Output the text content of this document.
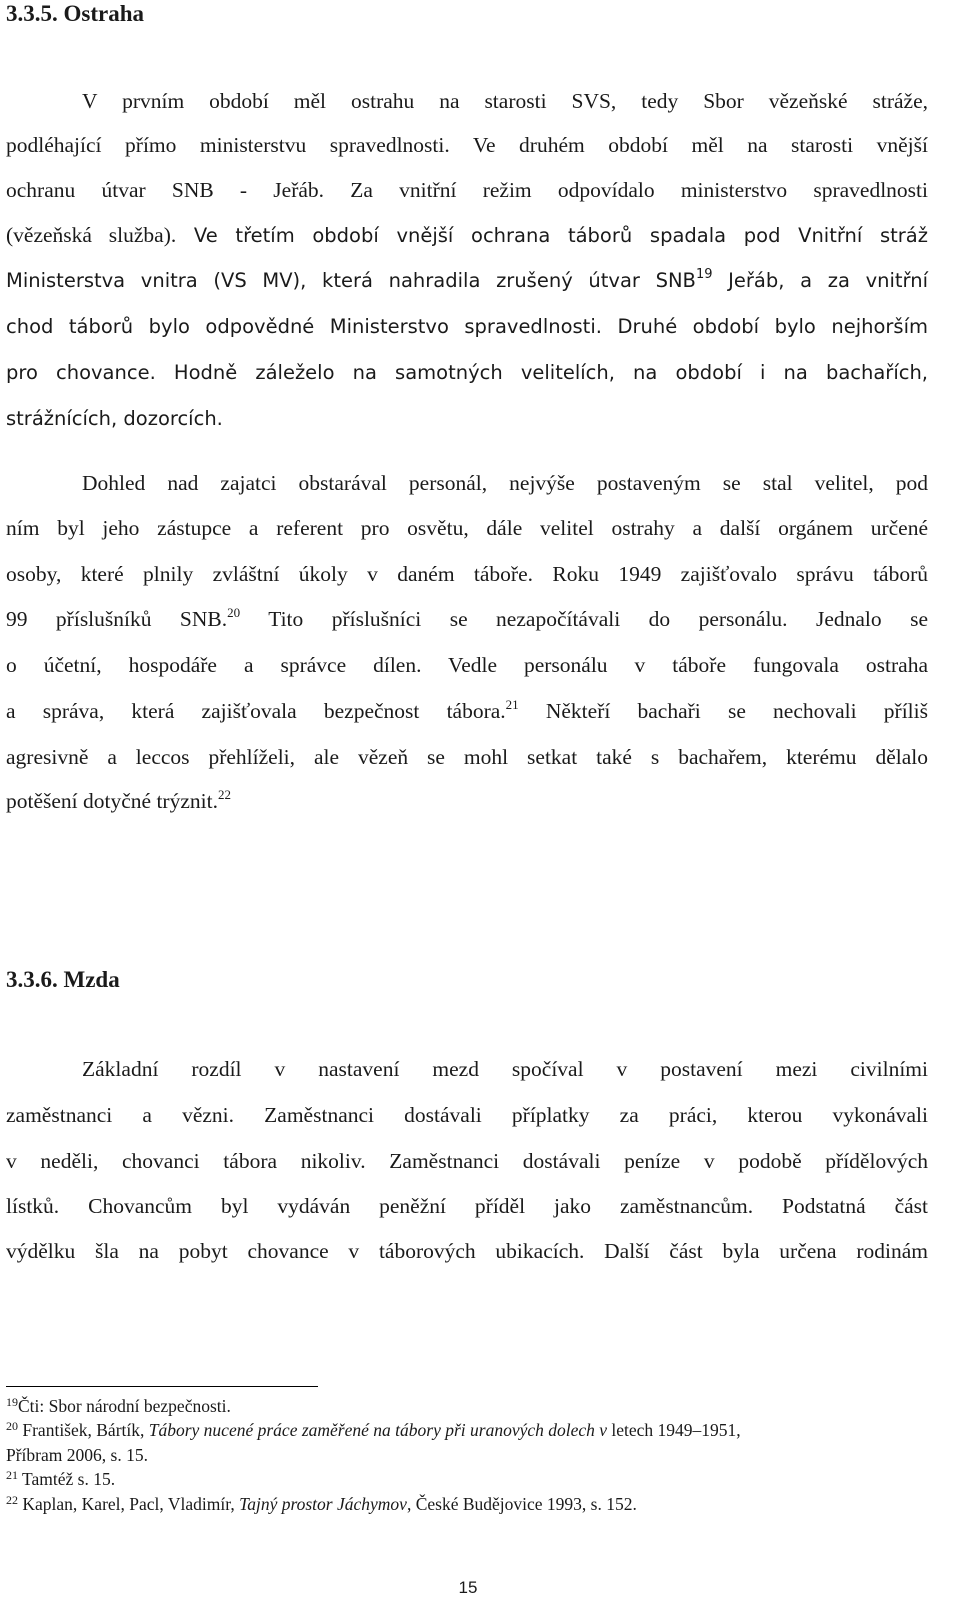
3.3.5. Ostraha
V prvním období měl ostrahu na starosti SVS, tedy Sbor vězeňské stráže,
podléhající přímo ministerstvu spravedlnosti. Ve druhém období měl na starosti vnější
ochranu útvar SNB - Jeřáb. Za vnitřní režim odpovídalo ministerstvo spravedlnosti
(vězeňská služba). Ve třetím období vnější ochrana táborů spadala pod Vnitřní stráž
Ministerstva vnitra (VS MV), která nahradila zrušený útvar SNB$^{19}$ Jeřáb, a za vnitřní
chod táborů bylo odpovědné Ministerstvo spravedlnosti. Druhé období bylo nejhorším
pro chovance. Hodně záleželo na samotných velitelích, na období i na bachařích,
strážnících, dozorcích.
Dohled nad zajatci obstarával personál, nejvýše postaveným se stal velitel, pod
ním byl jeho zástupce a referent pro osvětu, dále velitel ostrahy a další orgánem určené
osoby, které plnily zvláštní úkoly v daném táboře. Roku 1949 zajišťovalo správu táborů
99 příslušníků SNB.$^{20}$ Tito příslušníci se nezapočítávali do personálu. Jednalo se
o účetní, hospodáře a správce dílen. Vedle personálu v táboře fungovala ostraha
a správa, která zajišťovala bezpečnost tábora.$^{21}$ Někteří bachaři se nechovali příliš
agresivně a leccos přehlíželi, ale vězeň se mohl setkat také s bachařem, kterému dělalo
potěšení dotyčné trýznit.$^{22}$
3.3.6. Mzda
Základní rozdíl v nastavení mezd spočíval v postavení mezi civilními
zaměstnanci a vězni. Zaměstnanci dostávali příplatky za práci, kterou vykonávali
v neděli, chovanci tábora nikoliv. Zaměstnanci dostávali peníze v podobě přídělových
lístků. Chovancům byl vydáván peněžní příděl jako zaměstnancům. Podstatná část
výdělku šla na pobyt chovance v táborových ubikacích. Další část byla určena rodinám
$^{19}$Čti: Sbor národní bezpečnosti.
$^{20}$ František, Bártík, Tábory nucené práce zaměřené na tábory při uranových dolech v letech 1949–1951,
Příbram 2006, s. 15.
$^{21}$ Tamtéž s. 15.
$^{22}$ Kaplan, Karel, Pacl, Vladimír, Tajný prostor Jáchymov, České Budějovice 1993, s. 152.
15
